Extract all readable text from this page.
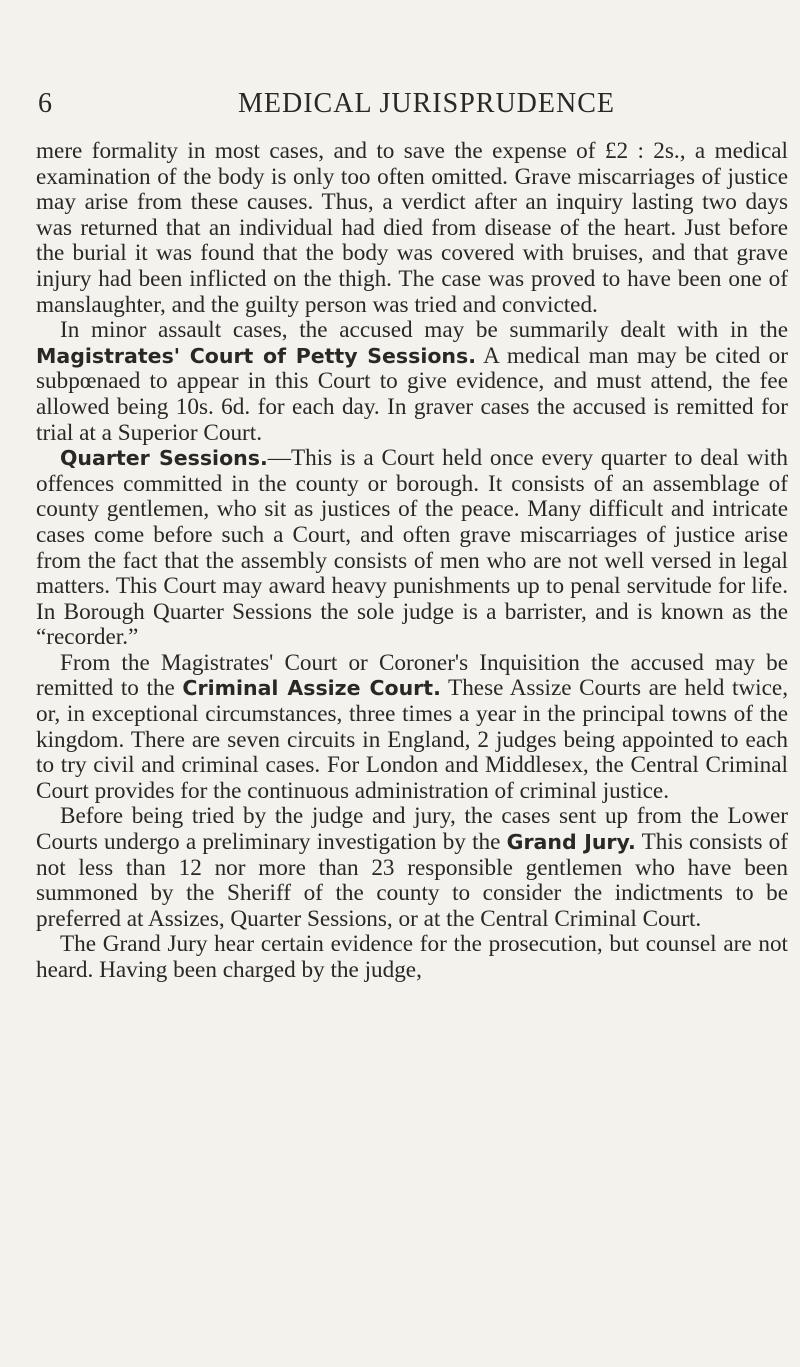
6	MEDICAL JURISPRUDENCE

mere formality in most cases, and to save the expense of £2 : 2s., a medical examination of the body is only too often omitted. Grave miscarriages of justice may arise from these causes. Thus, a verdict after an inquiry lasting two days was returned that an individual had died from disease of the heart. Just before the burial it was found that the body was covered with bruises, and that grave injury had been inflicted on the thigh. The case was proved to have been one of manslaughter, and the guilty person was tried and convicted.

In minor assault cases, the accused may be summarily dealt with in the Magistrates' Court of Petty Sessions. A medical man may be cited or subpœnaed to appear in this Court to give evidence, and must attend, the fee allowed being 10s. 6d. for each day. In graver cases the accused is remitted for trial at a Superior Court.

Quarter Sessions.—This is a Court held once every quarter to deal with offences committed in the county or borough. It consists of an assemblage of county gentlemen, who sit as justices of the peace. Many difficult and intricate cases come before such a Court, and often grave miscarriages of justice arise from the fact that the assembly consists of men who are not well versed in legal matters. This Court may award heavy punishments up to penal servitude for life. In Borough Quarter Sessions the sole judge is a barrister, and is known as the “recorder.”

From the Magistrates' Court or Coroner's Inquisition the accused may be remitted to the Criminal Assize Court. These Assize Courts are held twice, or, in exceptional circumstances, three times a year in the principal towns of the kingdom. There are seven circuits in England, 2 judges being appointed to each to try civil and criminal cases. For London and Middlesex, the Central Criminal Court provides for the continuous administration of criminal justice.

Before being tried by the judge and jury, the cases sent up from the Lower Courts undergo a preliminary investigation by the Grand Jury. This consists of not less than 12 nor more than 23 responsible gentlemen who have been summoned by the Sheriff of the county to consider the indictments to be preferred at Assizes, Quarter Sessions, or at the Central Criminal Court.

The Grand Jury hear certain evidence for the prosecution, but counsel are not heard. Having been charged by the judge,
